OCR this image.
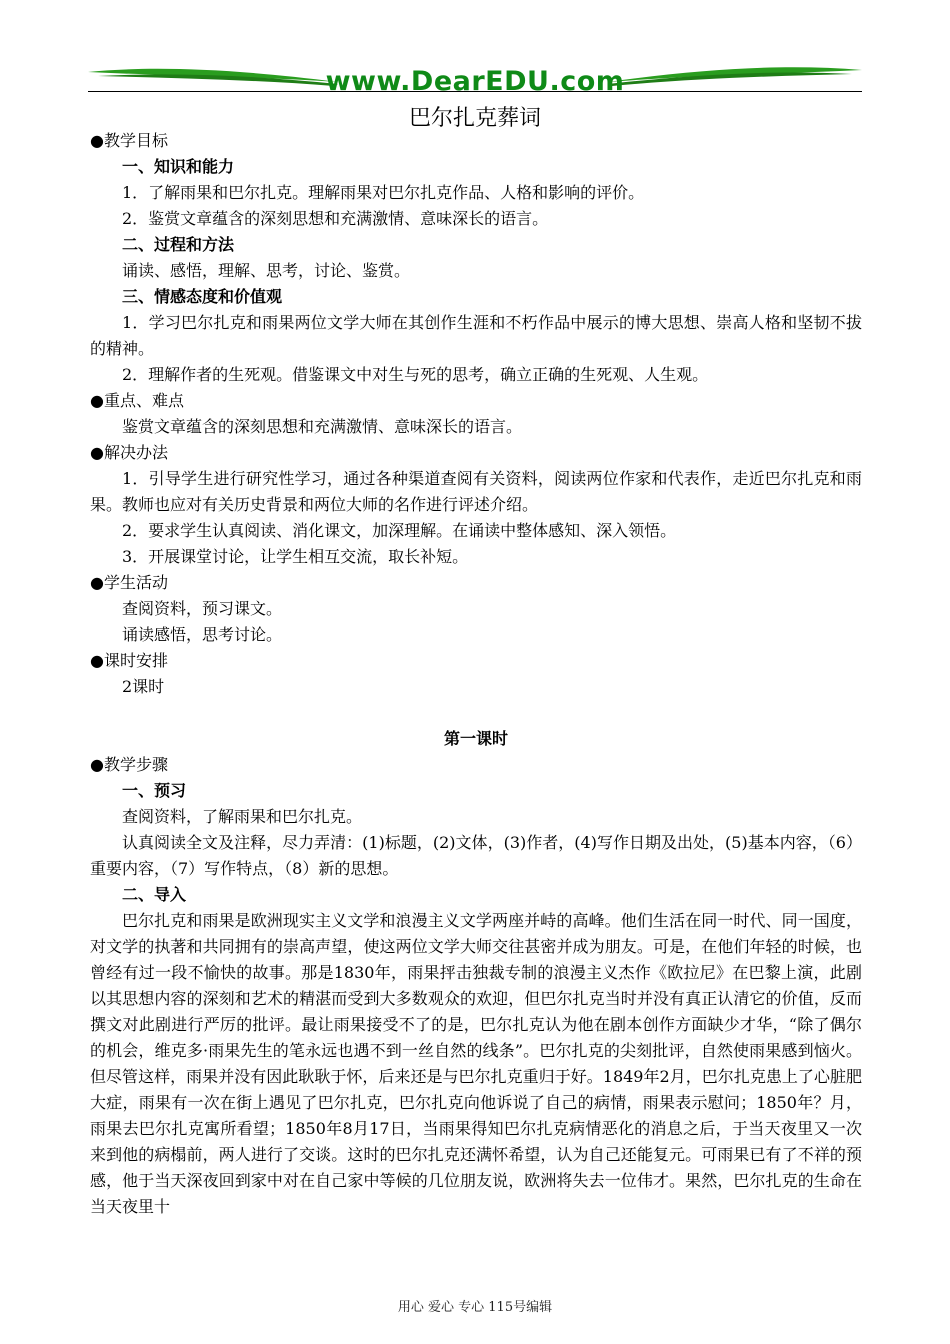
www.DearEDU.com
巴尔扎克葬词

●教学目标

一、知识和能力

1．了解雨果和巴尔扎克。理解雨果对巴尔扎克作品、人格和影响的评价。

2．鉴赏文章蕴含的深刻思想和充满激情、意味深长的语言。

二、过程和方法

诵读、感悟，理解、思考，讨论、鉴赏。

三、情感态度和价值观

1．学习巴尔扎克和雨果两位文学大师在其创作生涯和不朽作品中展示的博大思想、崇高人格和坚韧不拔的精神。

2．理解作者的生死观。借鉴课文中对生与死的思考，确立正确的生死观、人生观。

●重点、难点

鉴赏文章蕴含的深刻思想和充满激情、意味深长的语言。

●解决办法

1．引导学生进行研究性学习，通过各种渠道查阅有关资料，阅读两位作家和代表作，走近巴尔扎克和雨果。教师也应对有关历史背景和两位大师的名作进行评述介绍。

2．要求学生认真阅读、消化课文，加深理解。在诵读中整体感知、深入领悟。

3．开展课堂讨论，让学生相互交流，取长补短。

●学生活动

查阅资料，预习课文。

诵读感悟，思考讨论。

●课时安排

2课时

第一课时

●教学步骤

一、预习

查阅资料，了解雨果和巴尔扎克。

认真阅读全文及注释，尽力弄清：(1)标题，(2)文体，(3)作者，(4)写作日期及出处，(5)基本内容，（6）重要内容，（7）写作特点，（8）新的思想。

二、导入

巴尔扎克和雨果是欧洲现实主义文学和浪漫主义文学两座并峙的高峰。他们生活在同一时代、同一国度，对文学的执著和共同拥有的崇高声望，使这两位文学大师交往甚密并成为朋友。可是，在他们年轻的时候，也曾经有过一段不愉快的故事。那是1830年，雨果抨击独裁专制的浪漫主义杰作《欧拉尼》在巴黎上演，此剧以其思想内容的深刻和艺术的精湛而受到大多数观众的欢迎，但巴尔扎克当时并没有真正认清它的价值，反而撰文对此剧进行严厉的批评。最让雨果接受不了的是，巴尔扎克认为他在剧本创作方面缺少才华，“除了偶尔的机会，维克多·雨果先生的笔永远也遇不到一丝自然的线条”。巴尔扎克的尖刻批评，自然使雨果感到恼火。但尽管这样，雨果并没有因此耿耿于怀，后来还是与巴尔扎克重归于好。1849年2月，巴尔扎克患上了心脏肥大症，雨果有一次在街上遇见了巴尔扎克，巴尔扎克向他诉说了自己的病情，雨果表示慰问；1850年？月，雨果去巴尔扎克寓所看望；1850年8月17日，当雨果得知巴尔扎克病情恶化的消息之后，于当天夜里又一次来到他的病榻前，两人进行了交谈。这时的巴尔扎克还满怀希望，认为自己还能复元。可雨果已有了不祥的预感，他于当天深夜回到家中对在自己家中等候的几位朋友说，欧洲将失去一位伟才。果然，巴尔扎克的生命在当天夜里十

用心 爱心 专心 115号编辑
